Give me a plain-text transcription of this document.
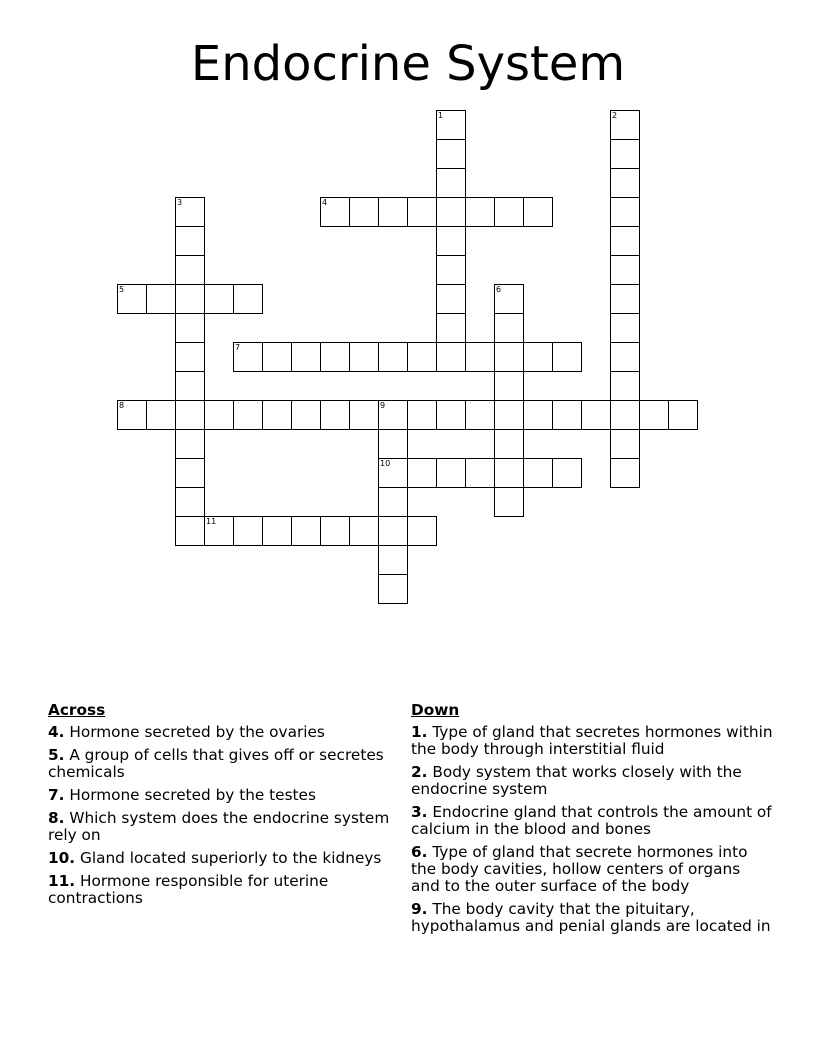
Endocrine System
1	2
3	4
5	6
7
8	9
10
11
Across
4. Hormone secreted by the ovaries
5. A group of cells that gives off or secretes chemicals
7. Hormone secreted by the testes
8. Which system does the endocrine system rely on
10. Gland located superiorly to the kidneys
11. Hormone responsible for uterine contractions
Down
1. Type of gland that secretes hormones within the body through interstitial fluid
2. Body system that works closely with the endocrine system
3. Endocrine gland that controls the amount of calcium in the blood and bones
6. Type of gland that secrete hormones into the body cavities, hollow centers of organs and to the outer surface of the body
9. The body cavity that the pituitary, hypothalamus and penial glands are located in
